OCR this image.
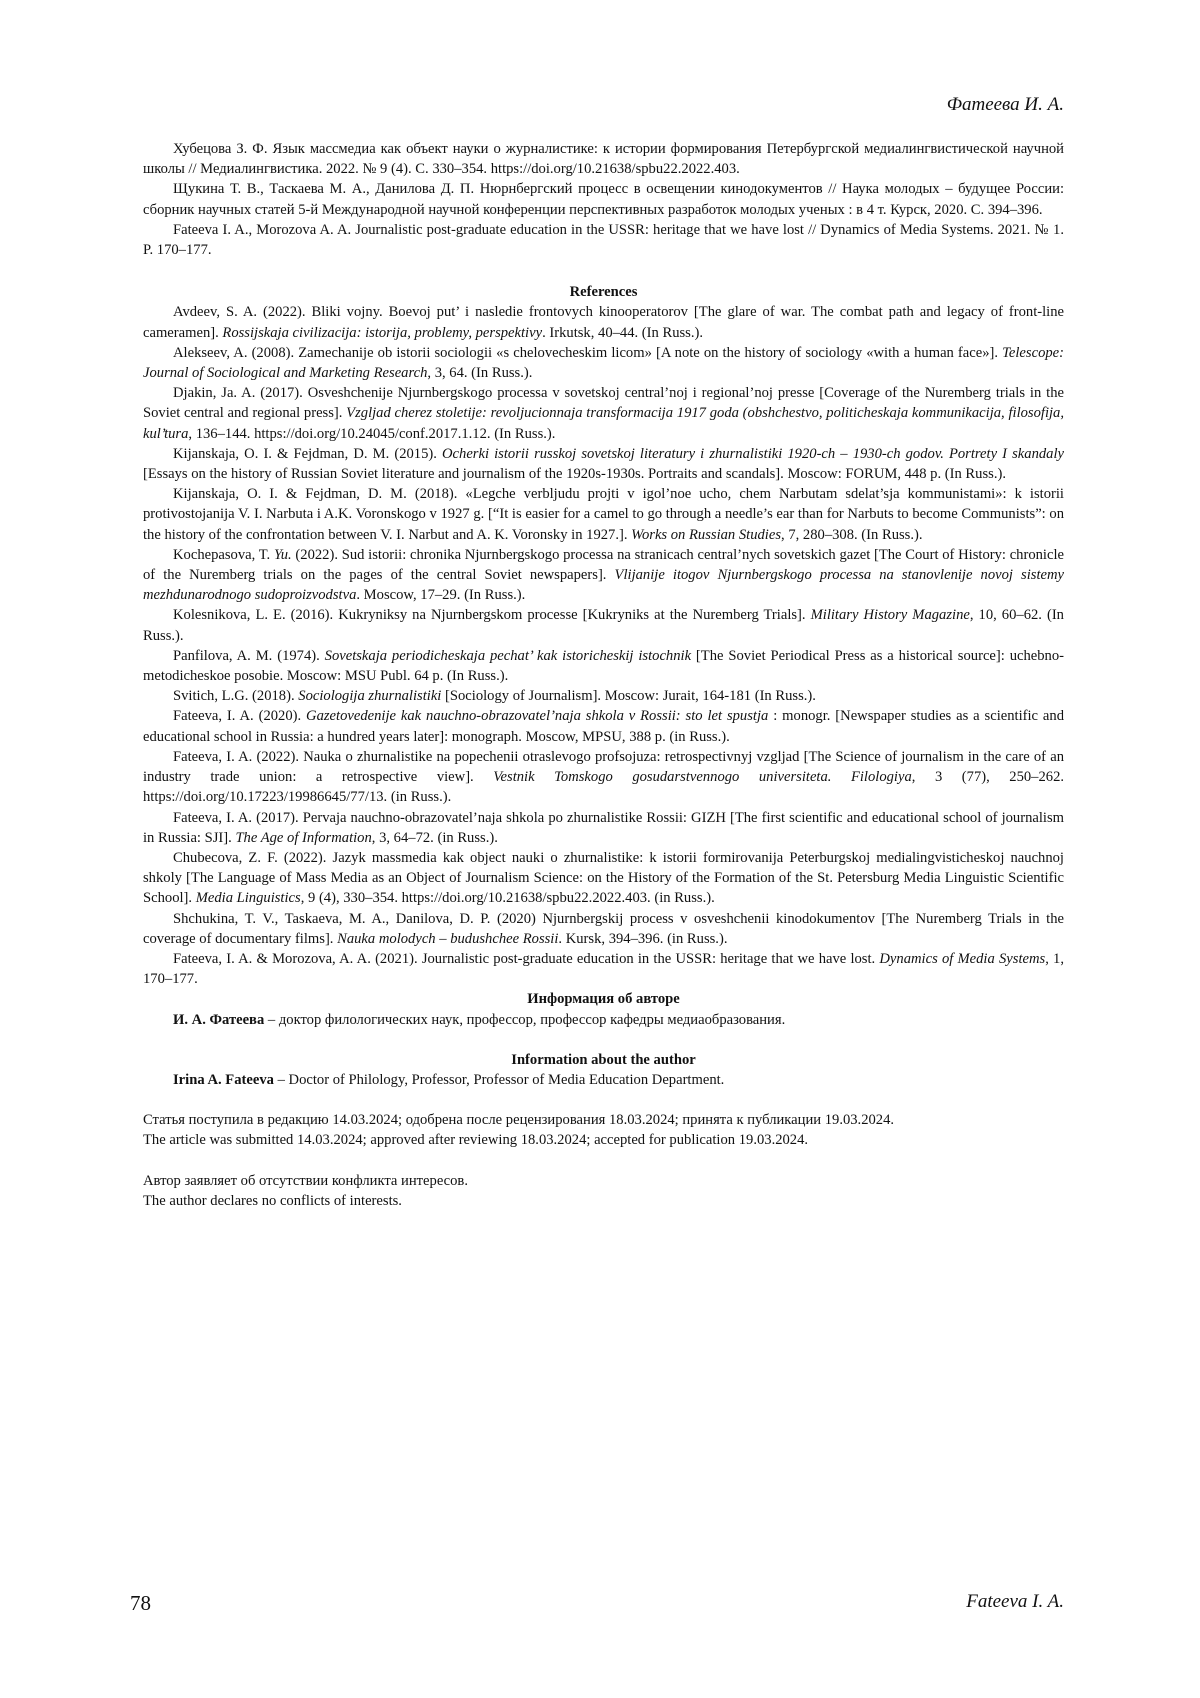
Фатеева И. А.

Хубецова З. Ф. Язык массмедиа как объект науки о журналистике: к истории формирования Петербургской медиалингвистической научной школы // Медиалингвистика. 2022. № 9 (4). С. 330–354. https://doi.org/10.21638/spbu22.2022.403.

Щукина Т. В., Таскаева М. А., Данилова Д. П. Нюрнбергский процесс в освещении кинодокументов // Наука молодых – будущее России: сборник научных статей 5-й Международной научной конференции перспективных разработок молодых ученых : в 4 т. Курск, 2020. С. 394–396.

Fateeva I. A., Morozova A. A. Journalistic post-graduate education in the USSR: heritage that we have lost // Dynamics of Media Systems. 2021. № 1. P. 170–177.

References

Avdeev, S. A. (2022). Bliki vojny. Boevoj put’ i nasledie frontovych kinooperatorov [The glare of war. The combat path and legacy of front-line cameramen]. Rossijskaja civilizacija: istorija, problemy, perspektivy. Irkutsk, 40–44. (In Russ.).

Alekseev, A. (2008). Zamechanije ob istorii sociologii «s chelovecheskim licom» [A note on the history of sociology «with a human face»]. Telescope: Journal of Sociological and Marketing Research, 3, 64. (In Russ.).

Djakin, Ja. A. (2017). Osveshchenije Njurnbergskogo processa v sovetskoj central’noj i regional’noj presse [Coverage of the Nuremberg trials in the Soviet central and regional press]. Vzgljad cherez stoletije: revoljucionnaja transformacija 1917 goda (obshchestvo, politicheskaja kommunikacija, filosofija, kul’tura, 136–144. https://doi.org/10.24045/conf.2017.1.12. (In Russ.).

Kijanskaja, O. I. & Fejdman, D. M. (2015). Ocherki istorii russkoj sovetskoj literatury i zhurnalistiki 1920-ch – 1930-ch godov. Portrety I skandaly [Essays on the history of Russian Soviet literature and journalism of the 1920s-1930s. Portraits and scandals]. Moscow: FORUM, 448 p. (In Russ.).

Kijanskaja, O. I. & Fejdman, D. M. (2018). «Legche verbljudu projti v igol’noe ucho, chem Narbutam sdelat’sja kommunistami»: k istorii protivostojanija V. I. Narbuta i A.K. Voronskogo v 1927 g. [“It is easier for a camel to go through a needle’s ear than for Narbuts to become Communists”: on the history of the confrontation between V. I. Narbut and A. K. Voronsky in 1927.]. Works on Russian Studies, 7, 280–308. (In Russ.).

Kochepasova, T. Yu. (2022). Sud istorii: chronika Njurnbergskogo processa na stranicach central’nych sovetskich gazet [The Court of History: chronicle of the Nuremberg trials on the pages of the central Soviet newspapers]. Vlijanije itogov Njurnbergskogo processa na stanovlenije novoj sistemy mezhdunarodnogo sudoproizvodstva. Moscow, 17–29. (In Russ.).

Kolesnikova, L. E. (2016). Kukryniksy na Njurnbergskom processe [Kukryniks at the Nuremberg Trials]. Military History Magazine, 10, 60–62. (In Russ.).

Panfilova, A. M. (1974). Sovetskaja periodicheskaja pechat’ kak istoricheskij istochnik [The Soviet Periodical Press as a historical source]: uchebno-metodicheskoe posobie. Moscow: MSU Publ. 64 p. (In Russ.).

Svitich, L.G. (2018). Sociologija zhurnalistiki [Sociology of Journalism]. Moscow: Jurait, 164-181 (In Russ.).

Fateeva, I. A. (2020). Gazetovedenije kak nauchno-obrazovatel’naja shkola v Rossii: sto let spustja : monogr. [Newspaper studies as a scientific and educational school in Russia: a hundred years later]: monograph. Moscow, MPSU, 388 p. (in Russ.).

Fateeva, I. A. (2022). Nauka o zhurnalistike na popechenii otraslevogo profsojuza: retrospectivnyj vzgljad [The Science of journalism in the care of an industry trade union: a retrospective view]. Vestnik Tomskogo gosudarstvennogo universiteta. Filologiya, 3 (77), 250–262. https://doi.org/10.17223/19986645/77/13. (in Russ.).

Fateeva, I. A. (2017). Pervaja nauchno-obrazovatel’naja shkola po zhurnalistike Rossii: GIZH [The first scientific and educational school of journalism in Russia: SJI]. The Age of Information, 3, 64–72. (in Russ.).

Chubecova, Z. F. (2022). Jazyk massmedia kak object nauki o zhurnalistike: k istorii formirovanija Peterburgskoj medialingvisticheskoj nauchnoj shkoly [The Language of Mass Media as an Object of Journalism Science: on the History of the Formation of the St. Petersburg Media Linguistic Scientific School]. Media Linguistics, 9 (4), 330–354. https://doi.org/10.21638/spbu22.2022.403. (in Russ.).

Shchukina, T. V., Taskaeva, M. A., Danilova, D. P. (2020) Njurnbergskij process v osveshchenii kinodokumentov [The Nuremberg Trials in the coverage of documentary films]. Nauka molodych – budushchee Rossii. Kursk, 394–396. (in Russ.).

Fateeva, I. A. & Morozova, A. A. (2021). Journalistic post-graduate education in the USSR: heritage that we have lost. Dynamics of Media Systems, 1, 170–177.

Информация об авторе

И. А. Фатеева – доктор филологических наук, профессор, профессор кафедры медиаобразования.

Information about the author

Irina A. Fateeva – Doctor of Philology, Professor, Professor of Media Education Department.

Статья поступила в редакцию 14.03.2024; одобрена после рецензирования 18.03.2024; принята к публикации 19.03.2024.

The article was submitted 14.03.2024; approved after reviewing 18.03.2024; accepted for publication 19.03.2024.

Автор заявляет об отсутствии конфликта интересов.

The author declares no conflicts of interests.

78	Fateeva I. A.
